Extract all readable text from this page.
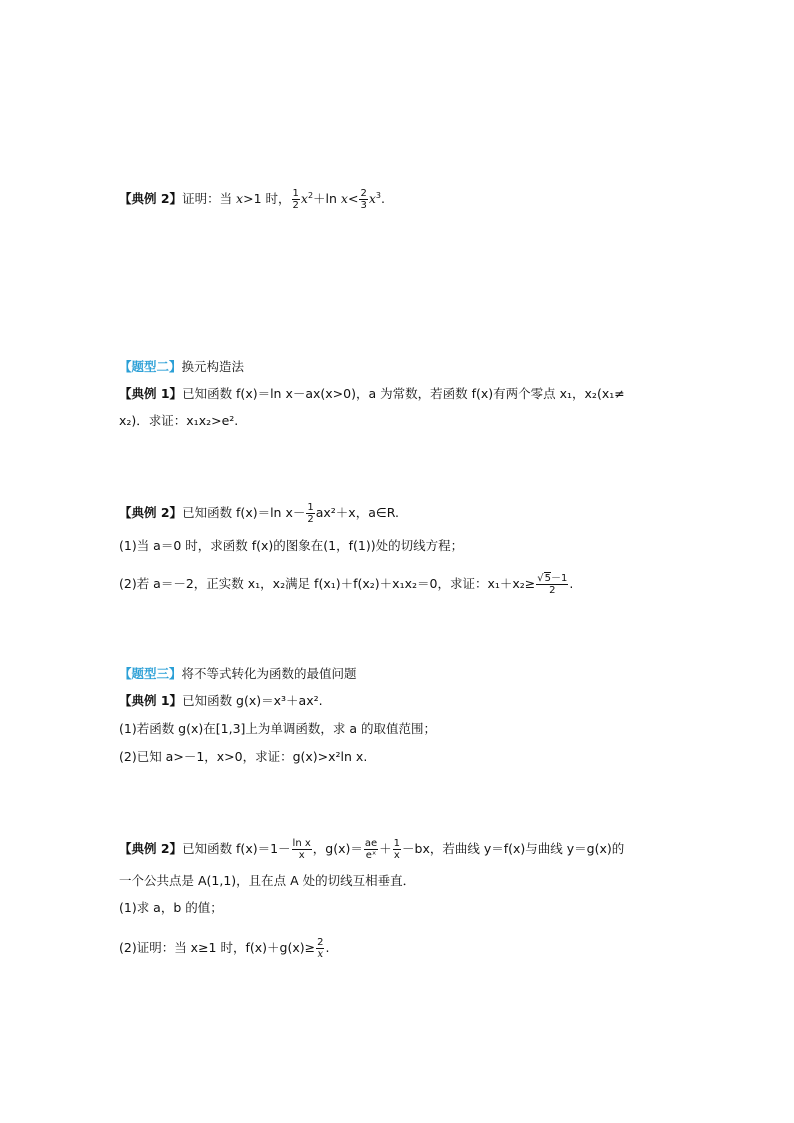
【典例 2】证明：当 x>1 时， $\frac{1}{2} x^2+\ln$ $x< \frac{2}{3} x^3$.
【题型二】换元构造法
【典例 1】已知函数 f(x)＝ln x－ax(x>0)，a 为常数，若函数 f(x)有两个零点 x₁，x₂(x₁≠
x₂)．求证：x₁x₂>e².
【典例 2】已知函数 f(x)＝ln $x- \frac{1}{2} ax^2+x$，a∈R.
(1)当 a＝0 时，求函数 f(x)的图象在(1，f(1))处的切线方程；
(2)若 a＝－2，正实数 x₁，x₂满足 f(x₁)＋f(x₂)＋x₁x₂＝0，求证：$x_1+x_2\ge \frac{√5-1}{2}$ .
【题型三】将不等式转化为函数的最值问题
【典例 1】已知函数 g(x)＝x³＋ax².
(1)若函数 g(x)在[1,3]上为单调函数，求 a 的取值范围；
(2)已知 a>－1，x>0，求证：g(x)>x²ln x.
【典例 2】已知函数 $f(x)=1- \frac{\text{ln x}}{x}$ ，$g(x)= \frac{ae}{\text{eˣ}} + \frac{1}{x} -bx$，若曲线 y＝f(x)与曲线 y＝g(x)的
一个公共点是 A(1,1)，且在点 A 处的切线互相垂直．
(1)求 a，b 的值；
(2)证明：当 x≥1 时，$f(x)+g(x)\ge \frac{2}{x}$ .
